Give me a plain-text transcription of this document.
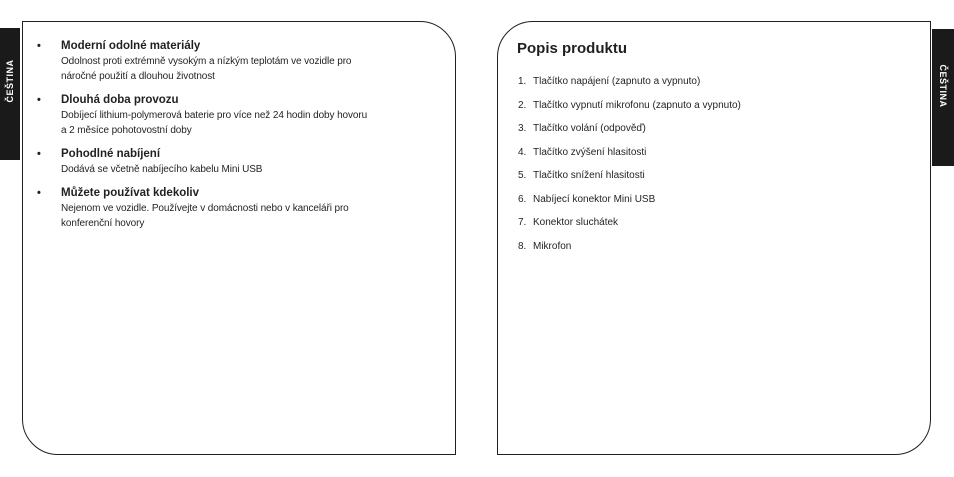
ČEŠTINA
• Moderní odolné materiály
Odolnost proti extrémně vysokým a nízkým teplotám ve vozidle pro
náročné použití a dlouhou životnost
• Dlouhá doba provozu
Dobíjecí lithium-polymerová baterie pro více než 24 hodin doby hovoru
a 2 měsíce pohotovostní doby
• Pohodlné nabíjení
Dodává se včetně nabíjecího kabelu Mini USB
• Můžete používat kdekoliv
Nejenom ve vozidle. Používejte v domácnosti nebo v kanceláři pro
konferenční hovory
Popis produktu
1. Tlačítko napájení (zapnuto a vypnuto)
2. Tlačítko vypnutí mikrofonu (zapnuto a vypnuto)
3. Tlačítko volání (odpověď)
4. Tlačítko zvýšení hlasitosti
5. Tlačítko snížení hlasitosti
6. Nabíjecí konektor Mini USB
7. Konektor sluchátek
8. Mikrofon
ČEŠTINA
